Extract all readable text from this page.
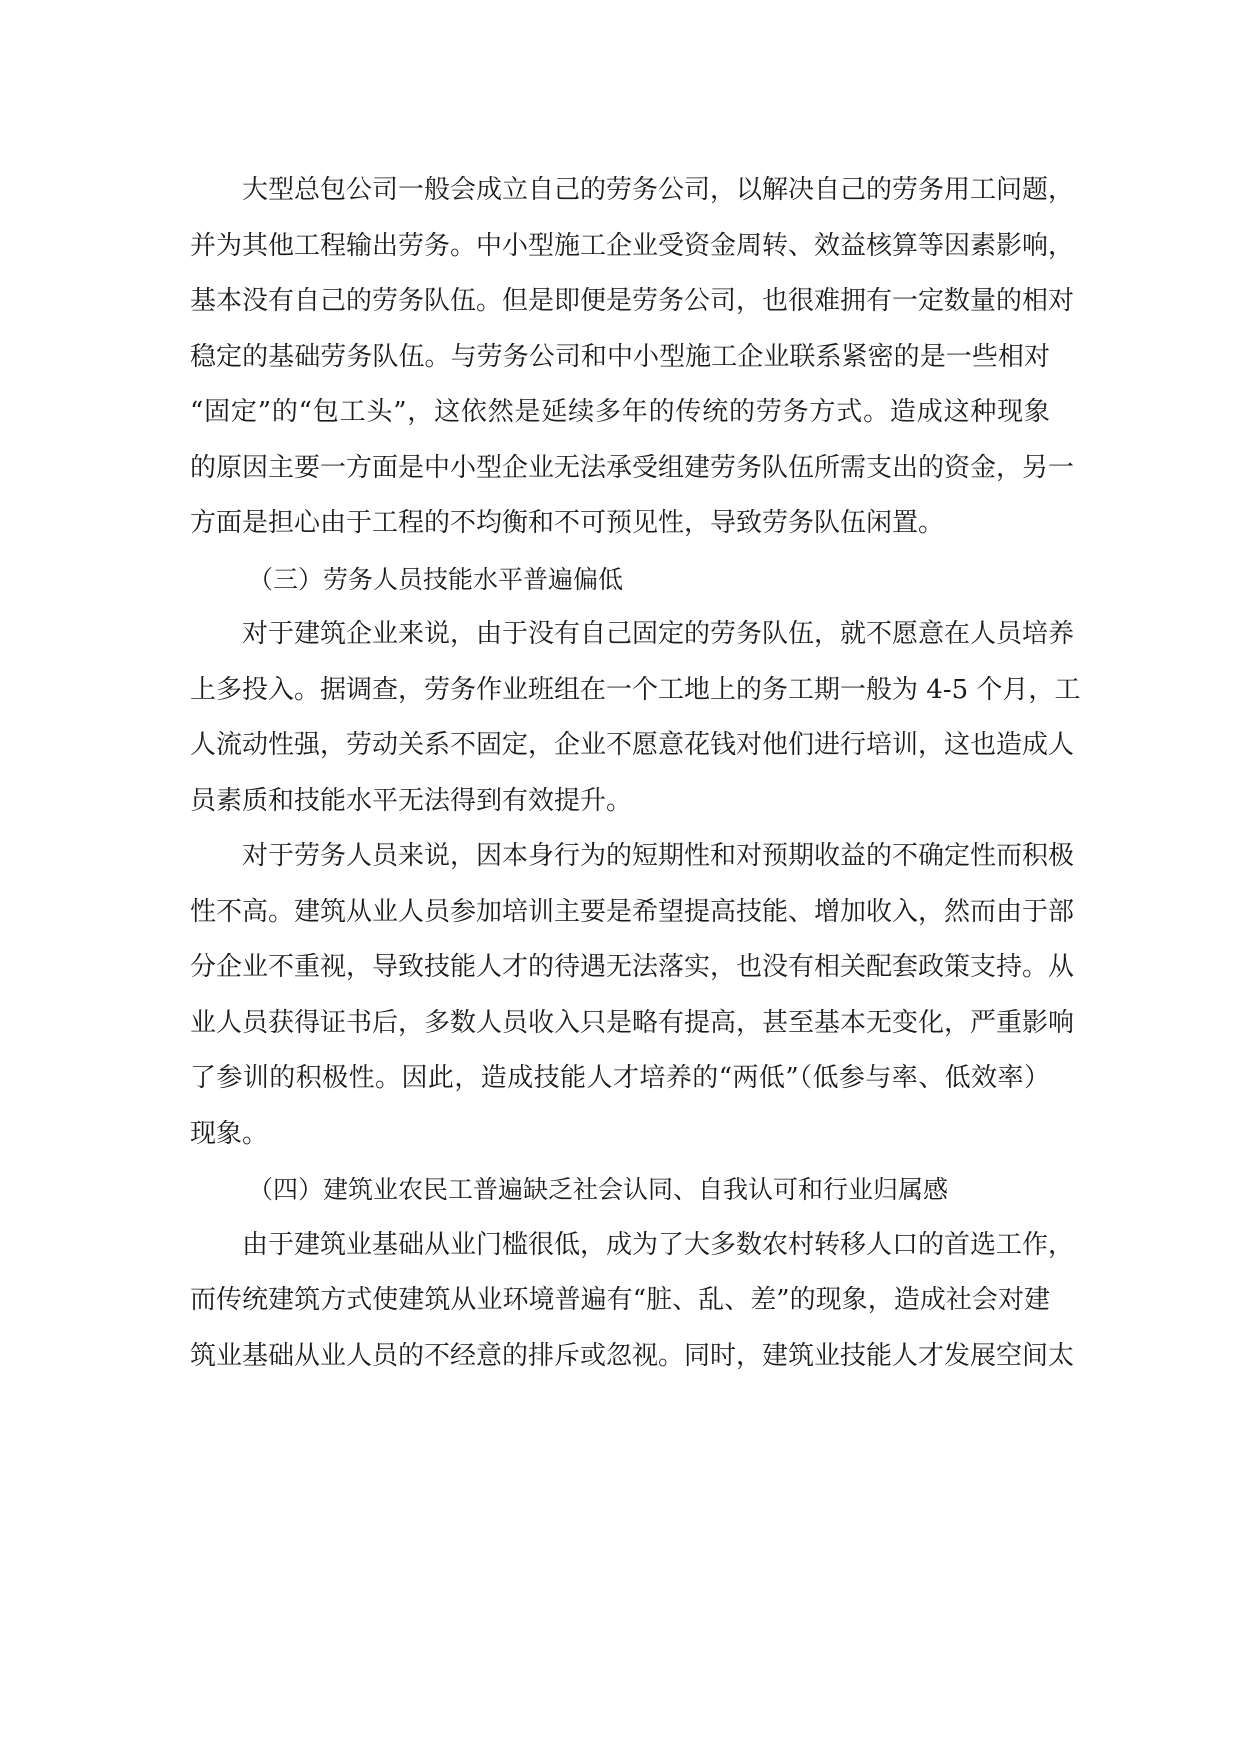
大型总包公司一般会成立自己的劳务公司，以解决自己的劳务用工问题，
并为其他工程输出劳务。中小型施工企业受资金周转、效益核算等因素影响，
基本没有自己的劳务队伍。但是即便是劳务公司，也很难拥有一定数量的相对
稳定的基础劳务队伍。与劳务公司和中小型施工企业联系紧密的是一些相对
“固定”的“包工头”，这依然是延续多年的传统的劳务方式。造成这种现象
的原因主要一方面是中小型企业无法承受组建劳务队伍所需支出的资金，另一
方面是担心由于工程的不均衡和不可预见性，导致劳务队伍闲置。
（三）劳务人员技能水平普遍偏低
对于建筑企业来说，由于没有自己固定的劳务队伍，就不愿意在人员培养
上多投入。据调查，劳务作业班组在一个工地上的务工期一般为 4-5 个月，工
人流动性强，劳动关系不固定，企业不愿意花钱对他们进行培训，这也造成人
员素质和技能水平无法得到有效提升。
对于劳务人员来说，因本身行为的短期性和对预期收益的不确定性而积极
性不高。建筑从业人员参加培训主要是希望提高技能、增加收入，然而由于部
分企业不重视，导致技能人才的待遇无法落实，也没有相关配套政策支持。从
业人员获得证书后，多数人员收入只是略有提高，甚至基本无变化，严重影响
了参训的积极性。因此，造成技能人才培养的“两低”（低参与率、低效率）
现象。
（四）建筑业农民工普遍缺乏社会认同、自我认可和行业归属感
由于建筑业基础从业门槛很低，成为了大多数农村转移人口的首选工作，
而传统建筑方式使建筑从业环境普遍有“脏、乱、差”的现象，造成社会对建
筑业基础从业人员的不经意的排斥或忽视。同时，建筑业技能人才发展空间太
